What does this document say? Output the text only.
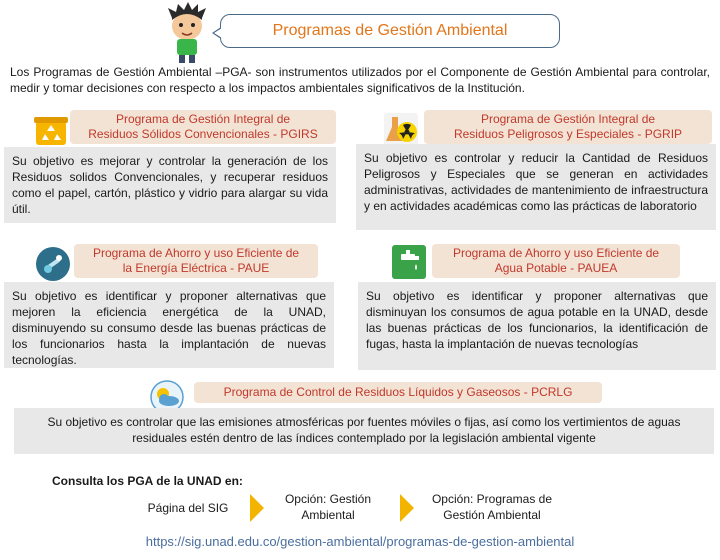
Programas de Gestión Ambiental

Los Programas de Gestión Ambiental –PGA- son instrumentos utilizados por el Componente de Gestión Ambiental para controlar, medir y tomar decisiones con respecto a los impactos ambientales significativos de la Institución.

Programa de Gestión Integral de
Residuos Sólidos Convencionales - PGIRS

Su objetivo es mejorar y controlar la generación de los Residuos solidos Convencionales, y recuperar residuos como el papel, cartón, plástico y vidrio para alargar su vida útil.

Programa de Gestión Integral de
Residuos Peligrosos y Especiales - PGRIP

Su objetivo es controlar y reducir la Cantidad de Residuos Peligrosos y Especiales que se generan en actividades administrativas, actividades de mantenimiento de infraestructura y en actividades académicas como las prácticas de laboratorio

Programa de Ahorro y uso Eficiente de
la Energía Eléctrica - PAUE

Su objetivo es identificar y proponer alternativas que mejoren la eficiencia energética de la UNAD, disminuyendo su consumo desde las buenas prácticas de los funcionarios hasta la implantación de nuevas tecnologías.

Programa de Ahorro y uso Eficiente de
Agua Potable - PAUEA

Su objetivo es identificar y proponer alternativas que disminuyan los consumos de agua potable en la UNAD, desde las buenas prácticas de los funcionarios, la identificación de fugas, hasta la implantación de nuevas tecnologías

Programa de Control de Residuos Líquidos y Gaseosos - PCRLG

Su objetivo es controlar que las emisiones atmosféricas por fuentes móviles o fijas, así como los vertimientos de aguas residuales estén dentro de las índices contemplado por la legislación ambiental vigente

Consulta los PGA de la UNAD en:
Página del SIG
Opción: Gestión Ambiental
Opción: Programas de Gestión Ambiental
https://sig.unad.edu.co/gestion-ambiental/programas-de-gestion-ambiental
